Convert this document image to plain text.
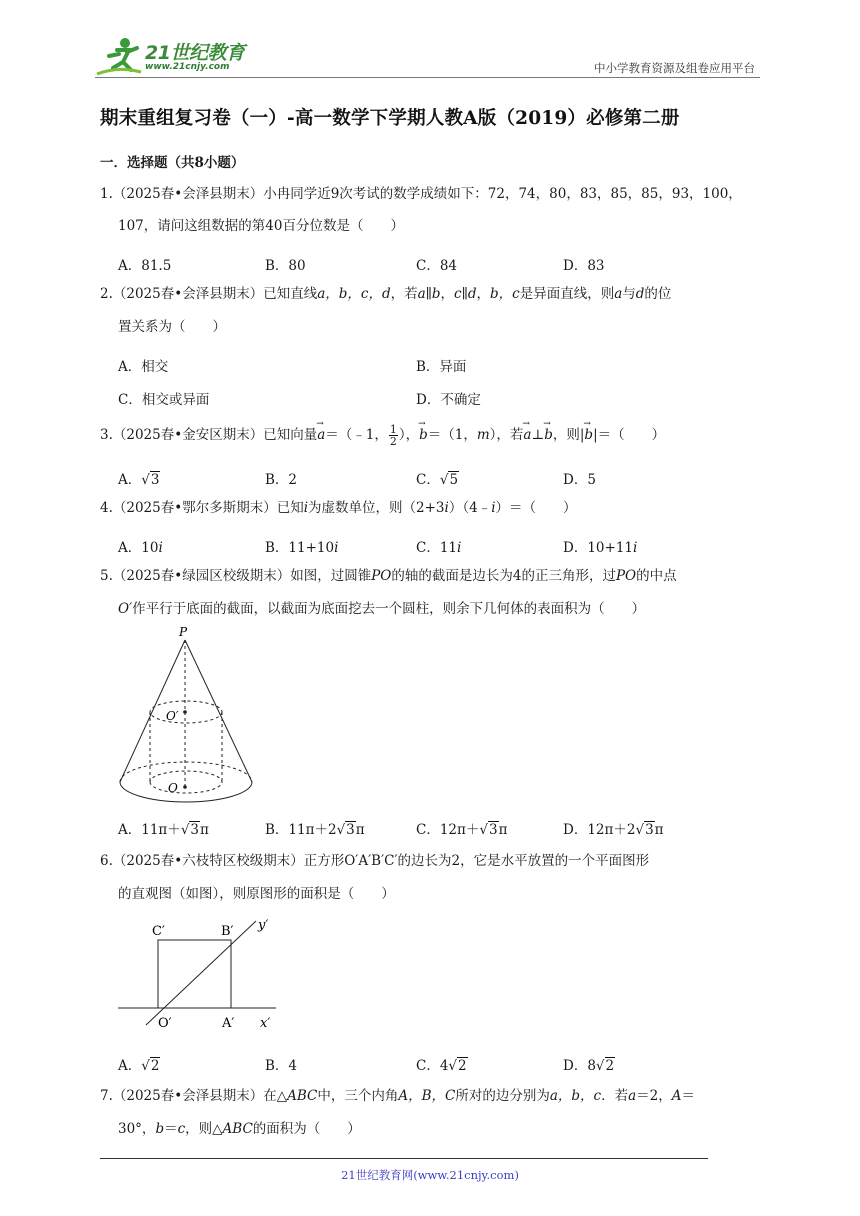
21世纪教育
www.21cnjy.com	中小学教育资源及组卷应用平台
期末重组复习卷（一）-高一数学下学期人教A版（2019）必修第二册
一．选择题（共8小题）
1.（2025春•会泽县期末）小冉同学近9次考试的数学成绩如下：72，74，80，83，85，85，93，100，
107，请问这组数据的第40百分位数是（　　）
A．81.5	B．80	C．84	D．83
2.（2025春•会泽县期末）已知直线a，b，c，d，若a∥b，c∥d，b，c是异面直线，则a与d的位
置关系为（　　）
A．相交	B．异面
C．相交或异面	D．不确定
3.（2025春•金安区期末）已知向量→ a＝（﹣1， $\frac{1}{2}$ ），→ b＝（1，m），若→ a⊥→ b，则|→ b|＝（　　）
A．√3	B．2	C．√5	D．5
4.（2025春•鄂尔多斯期末）已知i为虚数单位，则（2+3i）（4﹣i）＝（　　）
A．10i	B．11+10i	C．11i	D．10+11i
5.（2025春•绿园区校级期末）如图，过圆锥PO的轴的截面是边长为4的正三角形，过PO的中点
O′作平行于底面的截面，以截面为底面挖去一个圆柱，则余下几何体的表面积为（　　）
P
O′
O
A．11π＋√3π	B．11π＋2√3π	C．12π＋√3π	D．12π＋2√3π
6.（2025春•六枝特区校级期末）正方形O′A′B′C′的边长为2，它是水平放置的一个平面图形
的直观图（如图），则原图形的面积是（　　）
C′	B′ y′
O′	A′ x′
A．√2	B．4	C．4√2	D．8√2
7.（2025春•会泽县期末）在△ABC中，三个内角A，B，C所对的边分别为a，b，c．若a＝2，A＝
30°，b＝c，则△ABC的面积为（　　）
21世纪教育网(www.21cnjy.com)
